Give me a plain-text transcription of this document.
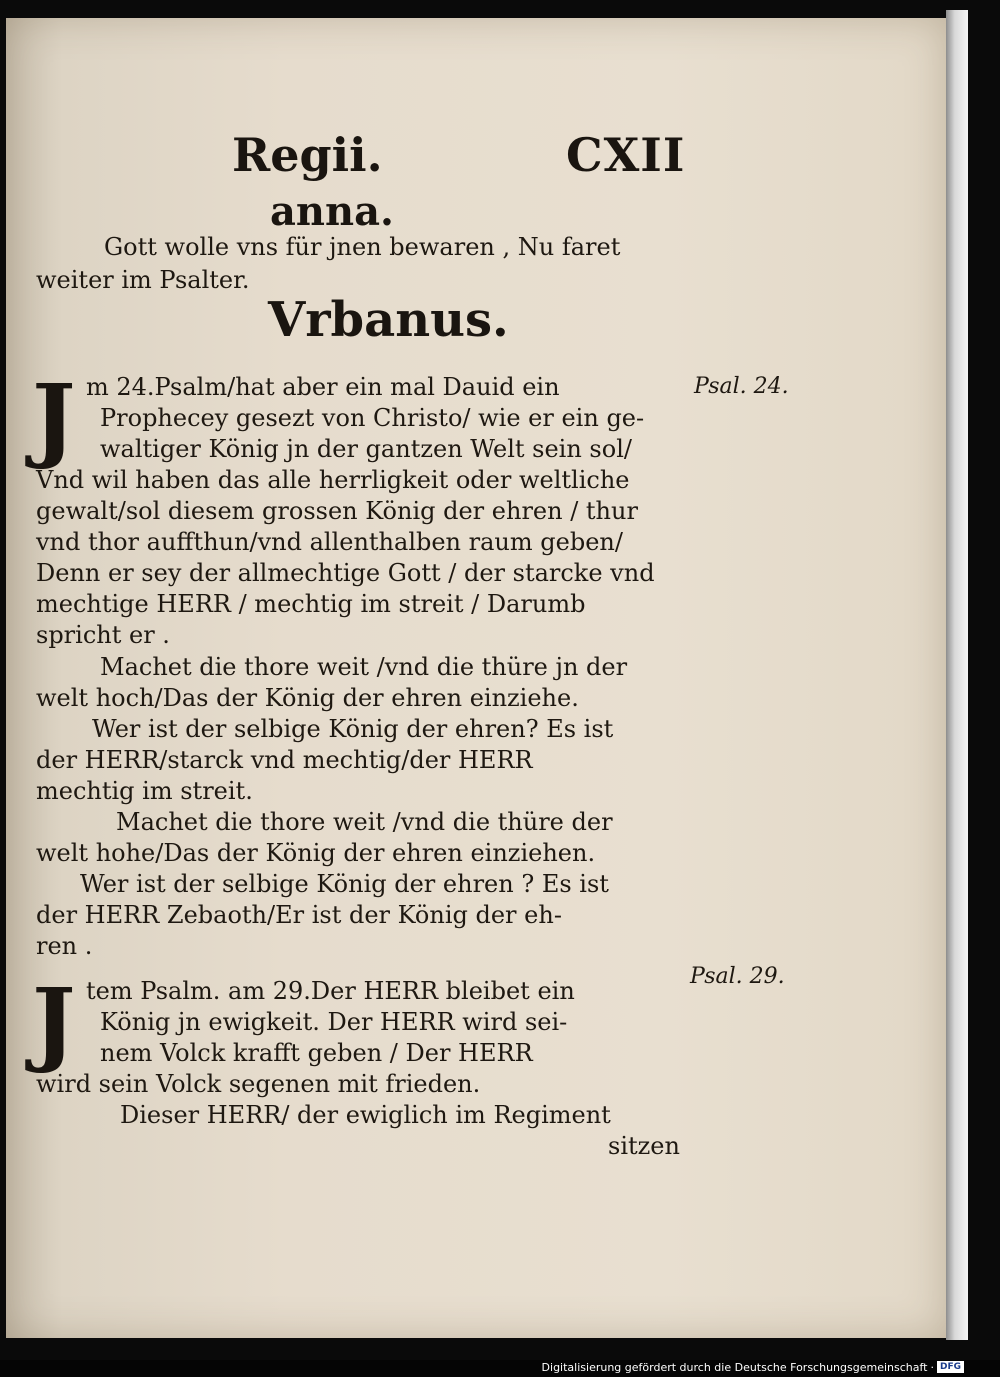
Regii.	CXII
anna.
Gott wolle vns für jnen bewaren , Nu faret
weiter im Psalter.
Vrbanus.
J m 24.Psalm/hat aber ein mal Dauid ein
Prophecey gesezt von Christo/ wie er ein ge-
waltiger König jn der gantzen Welt sein sol/
Vnd wil haben das alle herrligkeit oder weltliche
gewalt/sol diesem grossen König der ehren / thur
vnd thor auffthun/vnd allenthalben raum geben/
Denn er sey der allmechtige Gott / der starcke vnd
mechtige HERR / mechtig im streit / Darumb
spricht er .
Psal. 24.
Machet die thore weit /vnd die thüre jn der
welt hoch/Das der König der ehren einziehe.
Wer ist der selbige König der ehren? Es ist
der HERR/starck vnd mechtig/der HERR
mechtig im streit.
Machet die thore weit /vnd die thüre der
welt hohe/Das der König der ehren einziehen.
Wer ist der selbige König der ehren ? Es ist
der HERR Zebaoth/Er ist der König der eh-
ren .
J tem Psalm. am 29.Der HERR bleibet ein
König jn ewigkeit. Der HERR wird sei-
nem Volck krafft geben / Der HERR
wird sein Volck segenen mit frieden.
Dieser HERR/ der ewiglich im Regiment
sitzen
Psal. 29.
Digitalisierung gefördert durch die Deutsche Forschungsgemeinschaft · DFG
